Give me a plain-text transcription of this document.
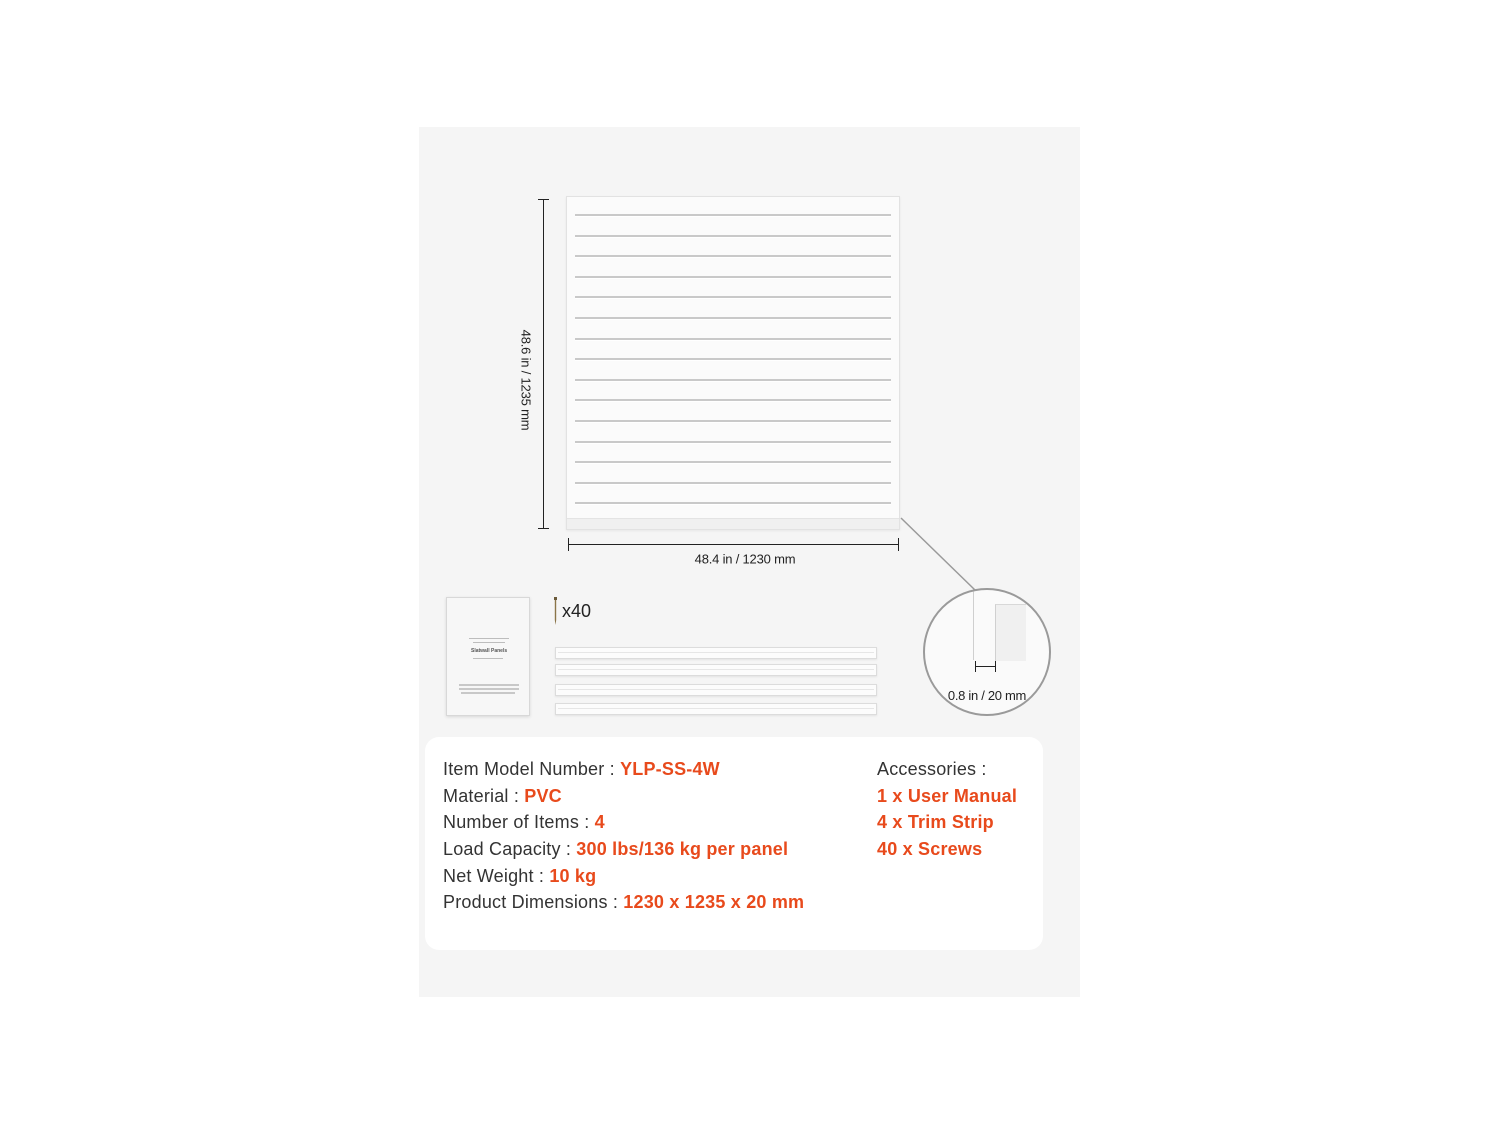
48.6 in / 1235 mm
48.4 in / 1230 mm
0.8 in / 20 mm
Slatwall Panels
x40
Item Model Number : YLP-SS-4W
Material : PVC
Number of Items : 4
Load Capacity : 300 lbs/136 kg per panel
Net Weight : 10 kg
Product Dimensions : 1230 x 1235 x 20 mm
Accessories :
1 x User Manual
4 x Trim Strip
40 x Screws
